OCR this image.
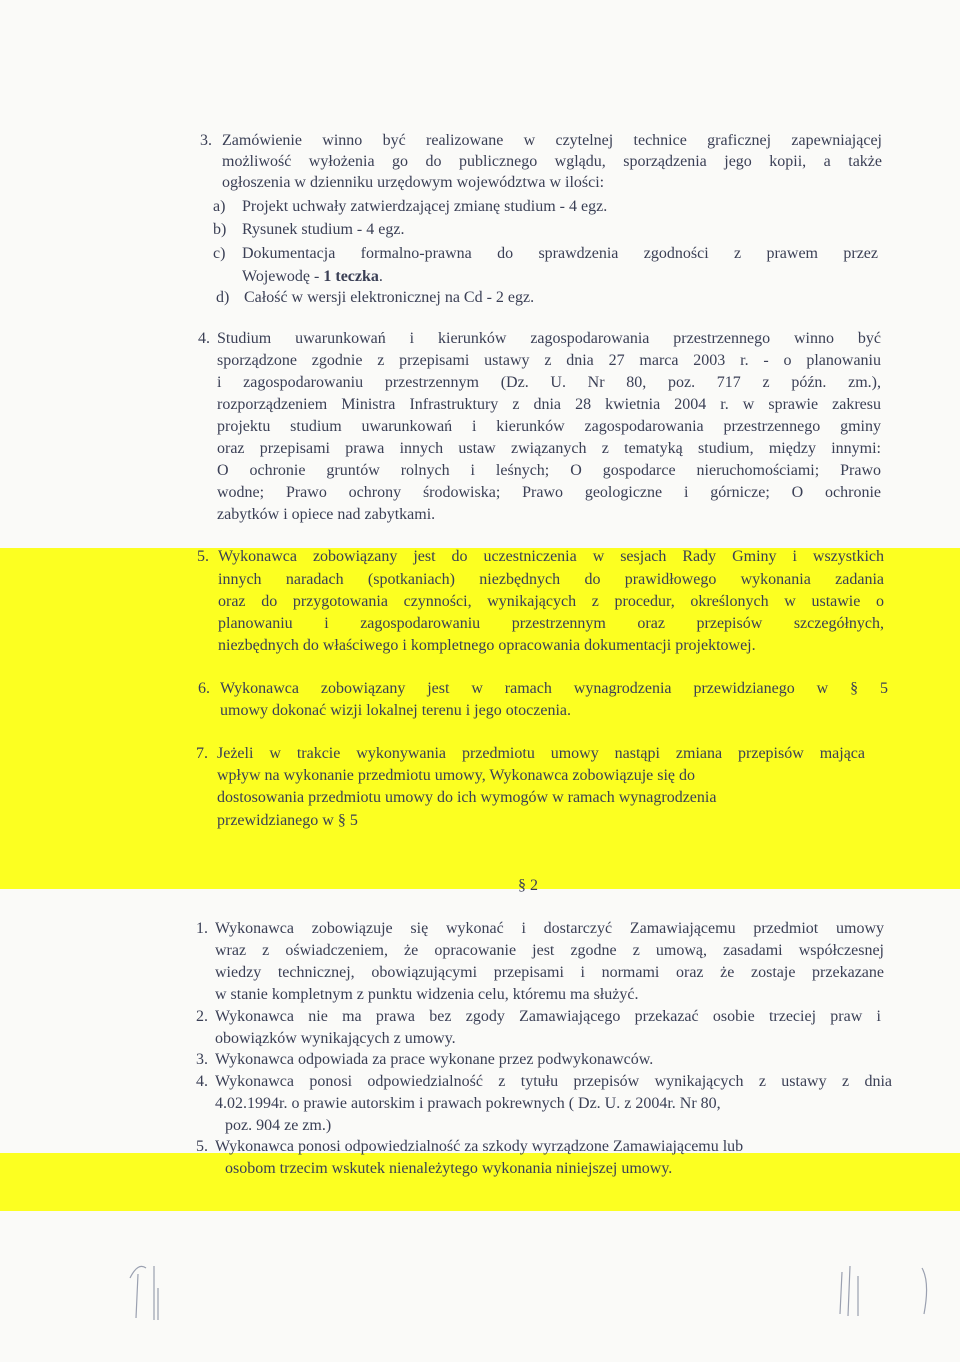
3. Zamówienie winno być realizowane w czytelnej technice graficznej zapewniającej
możliwość wyłożenia go do publicznego wglądu, sporządzenia jego kopii, a także
ogłoszenia w dzienniku urzędowym województwa w ilości:
a) Projekt uchwały zatwierdzającej zmianę studium - 4 egz.
b) Rysunek studium - 4 egz.
c) Dokumentacja formalno-prawna do sprawdzenia zgodności z prawem przez
Wojewodę - 1 teczka.
d) Całość w wersji elektronicznej na Cd - 2 egz.
4. Studium uwarunkowań i kierunków zagospodarowania przestrzennego winno być
sporządzone zgodnie z przepisami ustawy z dnia 27 marca 2003 r. - o planowaniu
i zagospodarowaniu przestrzennym (Dz. U. Nr 80, poz. 717 z późn. zm.),
rozporządzeniem Ministra Infrastruktury z dnia 28 kwietnia 2004 r. w sprawie zakresu
projektu studium uwarunkowań i kierunków zagospodarowania przestrzennego gminy
oraz przepisami prawa innych ustaw związanych z tematyką studium, między innymi:
O ochronie gruntów rolnych i leśnych; O gospodarce nieruchomościami; Prawo
wodne; Prawo ochrony środowiska; Prawo geologiczne i górnicze; O ochronie
zabytków i opiece nad zabytkami.
5. Wykonawca zobowiązany jest do uczestniczenia w sesjach Rady Gminy i wszystkich
innych naradach (spotkaniach) niezbędnych do prawidłowego wykonania zadania
oraz do przygotowania czynności, wynikających z procedur, określonych w ustawie o
planowaniu i zagospodarowaniu przestrzennym oraz przepisów szczegółnych,
niezbędnych do właściwego i kompletnego opracowania dokumentacji projektowej.
6. Wykonawca zobowiązany jest w ramach wynagrodzenia przewidzianego w § 5
umowy dokonać wizji lokalnej terenu i jego otoczenia.
7. Jeżeli w trakcie wykonywania przedmiotu umowy nastąpi zmiana przepisów mająca
wpływ na wykonanie przedmiotu umowy, Wykonawca zobowiązuje się do
dostosowania przedmiotu umowy do ich wymogów w ramach wynagrodzenia
przewidzianego w § 5
§ 2
1. Wykonawca zobowiązuje się wykonać i dostarczyć Zamawiającemu przedmiot umowy
wraz z oświadczeniem, że opracowanie jest zgodne z umową, zasadami współczesnej
wiedzy technicznej, obowiązującymi przepisami i normami oraz że zostaje przekazane
w stanie kompletnym z punktu widzenia celu, któremu ma służyć.
2. Wykonawca nie ma prawa bez zgody Zamawiającego przekazać osobie trzeciej praw i
obowiązków wynikających z umowy.
3. Wykonawca odpowiada za prace wykonane przez podwykonawców.
4. Wykonawca ponosi odpowiedzialność z tytułu przepisów wynikających z ustawy z dnia
4.02.1994r. o prawie autorskim i prawach pokrewnych ( Dz. U. z 2004r. Nr 80,
poz. 904 ze zm.)
5. Wykonawca ponosi odpowiedzialność za szkody wyrządzone Zamawiającemu lub
osobom trzecim wskutek nienależytego wykonania niniejszej umowy.
